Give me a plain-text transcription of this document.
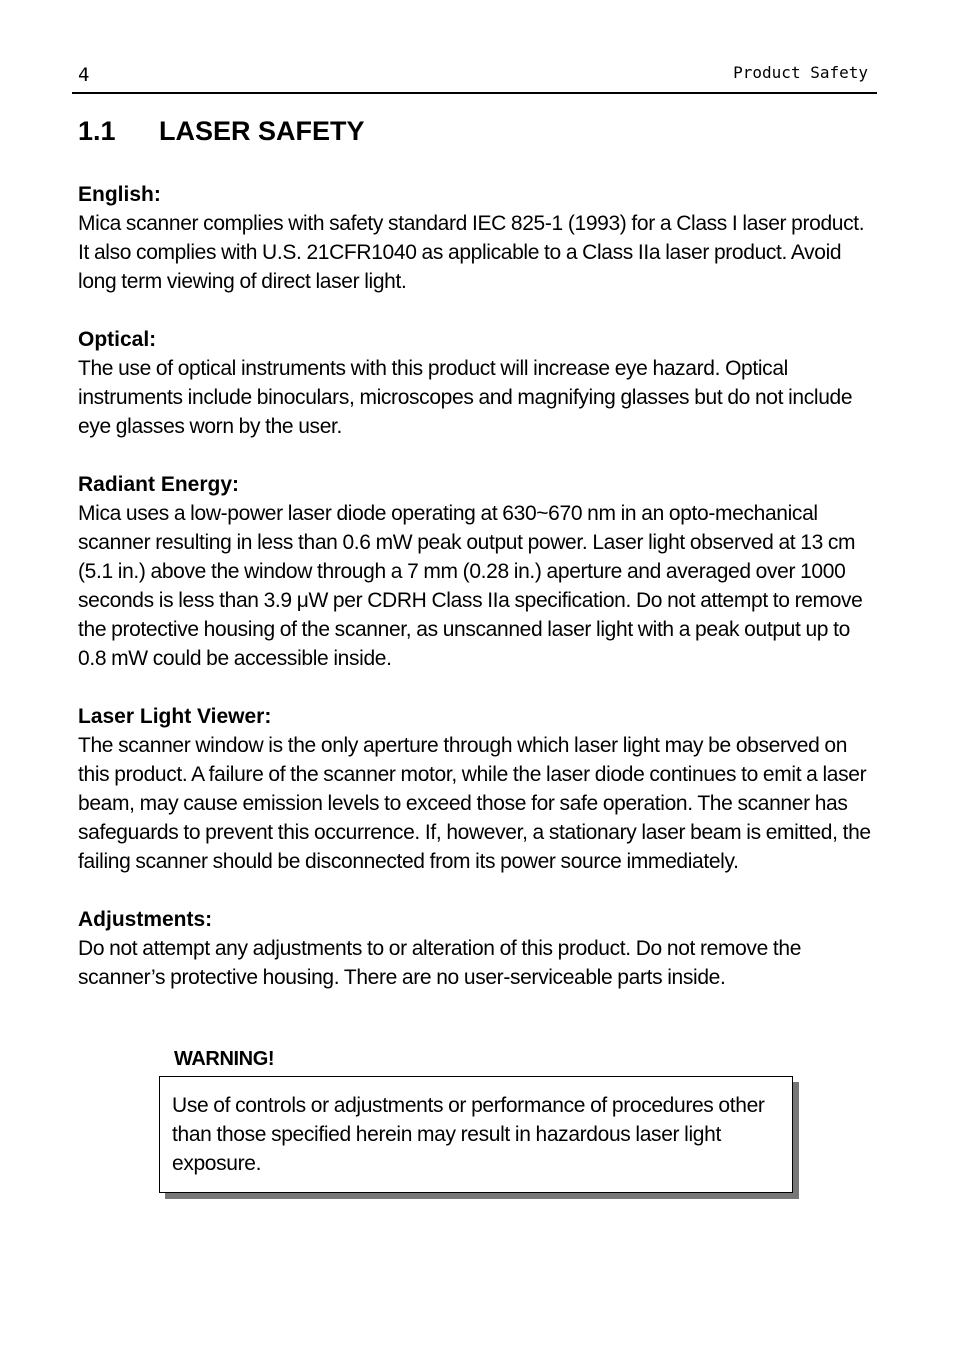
4	Product Safety
1.1 LASER SAFETY
English:

Mica scanner complies with safety standard IEC 825-1 (1993) for a Class I laser product. It also complies with U.S. 21CFR1040 as applicable to a Class IIa laser product. Avoid long term viewing of direct laser light.

Optical:

The use of optical instruments with this product will increase eye hazard. Optical instruments include binoculars, microscopes and magnifying glasses but do not include eye glasses worn by the user.

Radiant Energy:

Mica uses a low-power laser diode operating at 630~670 nm in an opto-mechanical scanner resulting in less than 0.6 mW peak output power. Laser light observed at 13 cm (5.1 in.) above the window through a 7 mm (0.28 in.) aperture and averaged over 1000 seconds is less than 3.9 μW per CDRH Class IIa specification. Do not attempt to remove the protective housing of the scanner, as unscanned laser light with a peak output up to 0.8 mW could be accessible inside.

Laser Light Viewer:

The scanner window is the only aperture through which laser light may be observed on this product. A failure of the scanner motor, while the laser diode continues to emit a laser beam, may cause emission levels to exceed those for safe operation. The scanner has safeguards to prevent this occurrence. If, however, a stationary laser beam is emitted, the failing scanner should be disconnected from its power source immediately.

Adjustments:

Do not attempt any adjustments to or alteration of this product. Do not remove the scanner’s protective housing. There are no user-serviceable parts inside.

WARNING!
Use of controls or adjustments or performance of procedures other than those specified herein may result in hazardous laser light exposure.
